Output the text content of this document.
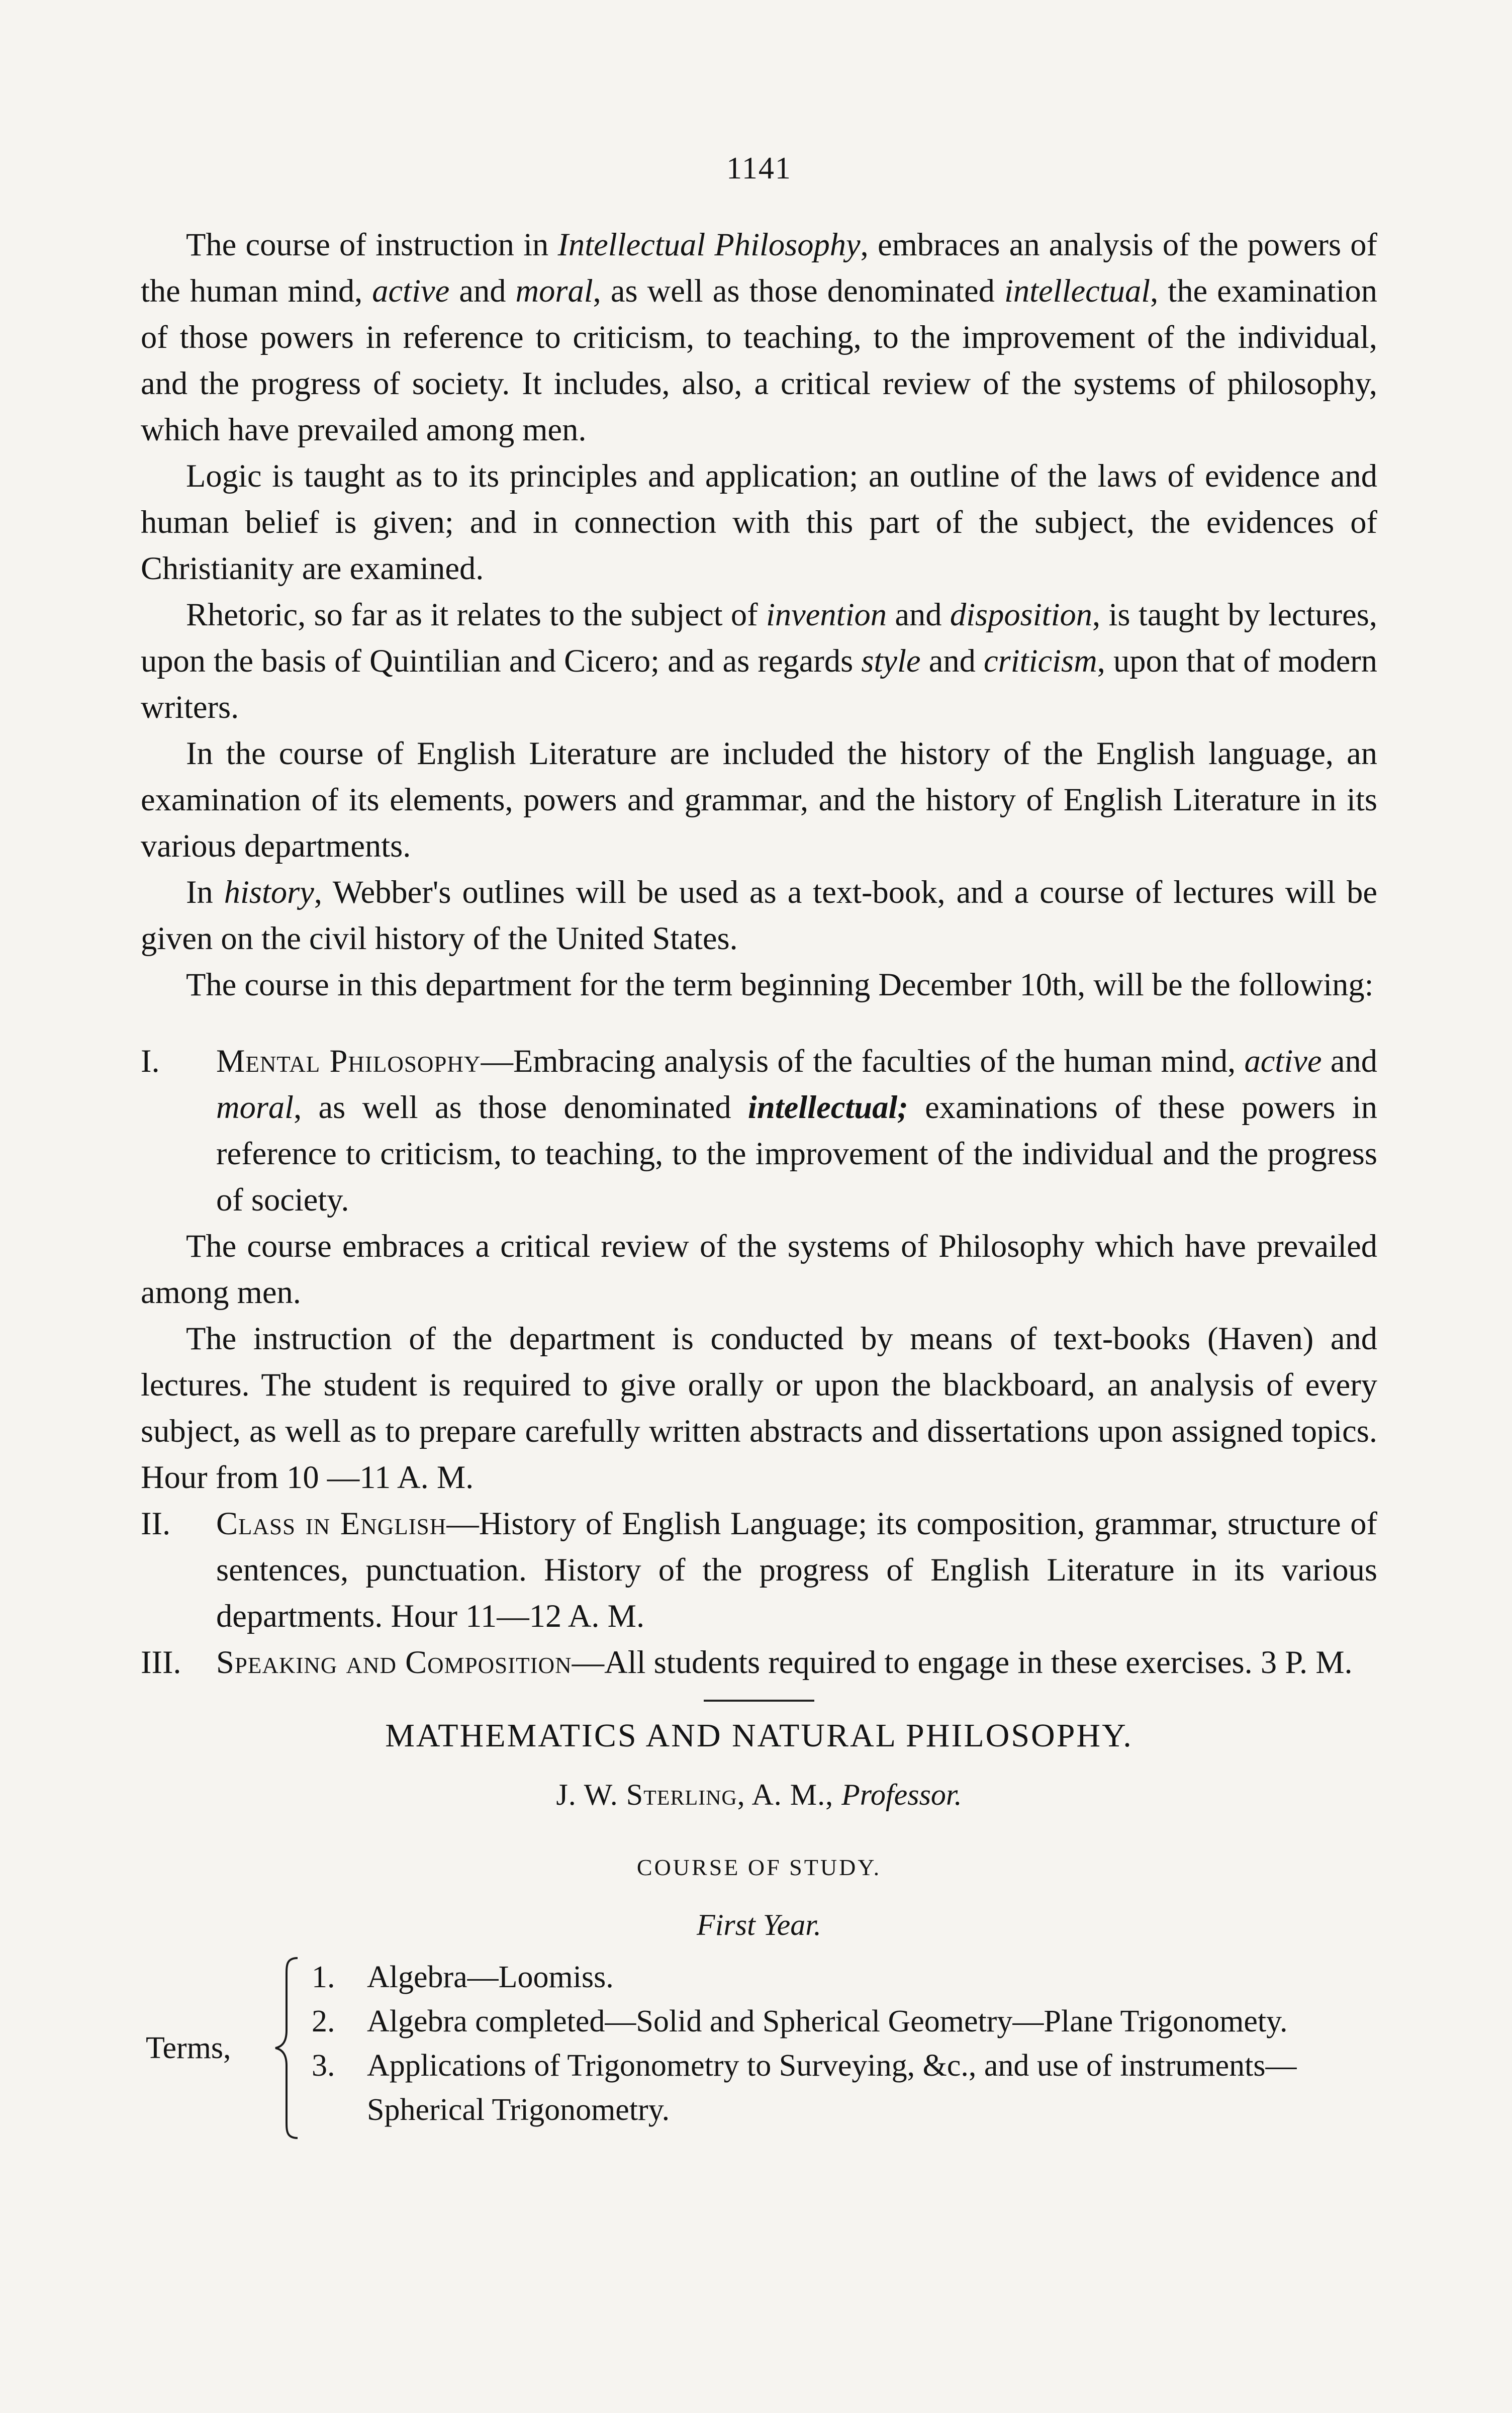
1141

The course of instruction in Intellectual Philosophy, embraces an analysis of the powers of the human mind, active and moral, as well as those denominated intellectual, the examination of those powers in reference to criticism, to teaching, to the improvement of the individual, and the progress of society. It includes, also, a critical review of the systems of philosophy, which have prevailed among men.

Logic is taught as to its principles and application; an outline of the laws of evidence and human belief is given; and in connection with this part of the subject, the evidences of Christianity are examined.

Rhetoric, so far as it relates to the subject of invention and disposition, is taught by lectures, upon the basis of Quintilian and Cicero; and as regards style and criticism, upon that of modern writers.

In the course of English Literature are included the history of the English language, an examination of its elements, powers and grammar, and the history of English Literature in its various departments.

In history, Webber's outlines will be used as a text-book, and a course of lectures will be given on the civil history of the United States.

The course in this department for the term beginning December 10th, will be the following:

I. Mental Philosophy—Embracing analysis of the faculties of the human mind, active and moral, as well as those denominated intellectual; examinations of these powers in reference to criticism, to teaching, to the improvement of the individual and the progress of society.

The course embraces a critical review of the systems of Philosophy which have prevailed among men.

The instruction of the department is conducted by means of text-books (Haven) and lectures. The student is required to give orally or upon the blackboard, an analysis of every subject, as well as to prepare carefully written abstracts and dissertations upon assigned topics. Hour from 10 —11 A. M.

II. Class in English—History of English Language; its composition, grammar, structure of sentences, punctuation. History of the progress of English Literature in its various departments. Hour 11—12 A. M.
III. Speaking and Composition—All students required to engage in these exercises. 3 P. M.
MATHEMATICS AND NATURAL PHILOSOPHY.
J. W. Sterling, A. M., Professor.
COURSE OF STUDY.
First Year.
Terms,
1. Algebra—Loomiss.
2. Algebra completed—Solid and Spherical Geometry—Plane Trigonomety.
3. Applications of Trigonometry to Surveying, &c., and use of instruments—Spherical Trigonometry.
